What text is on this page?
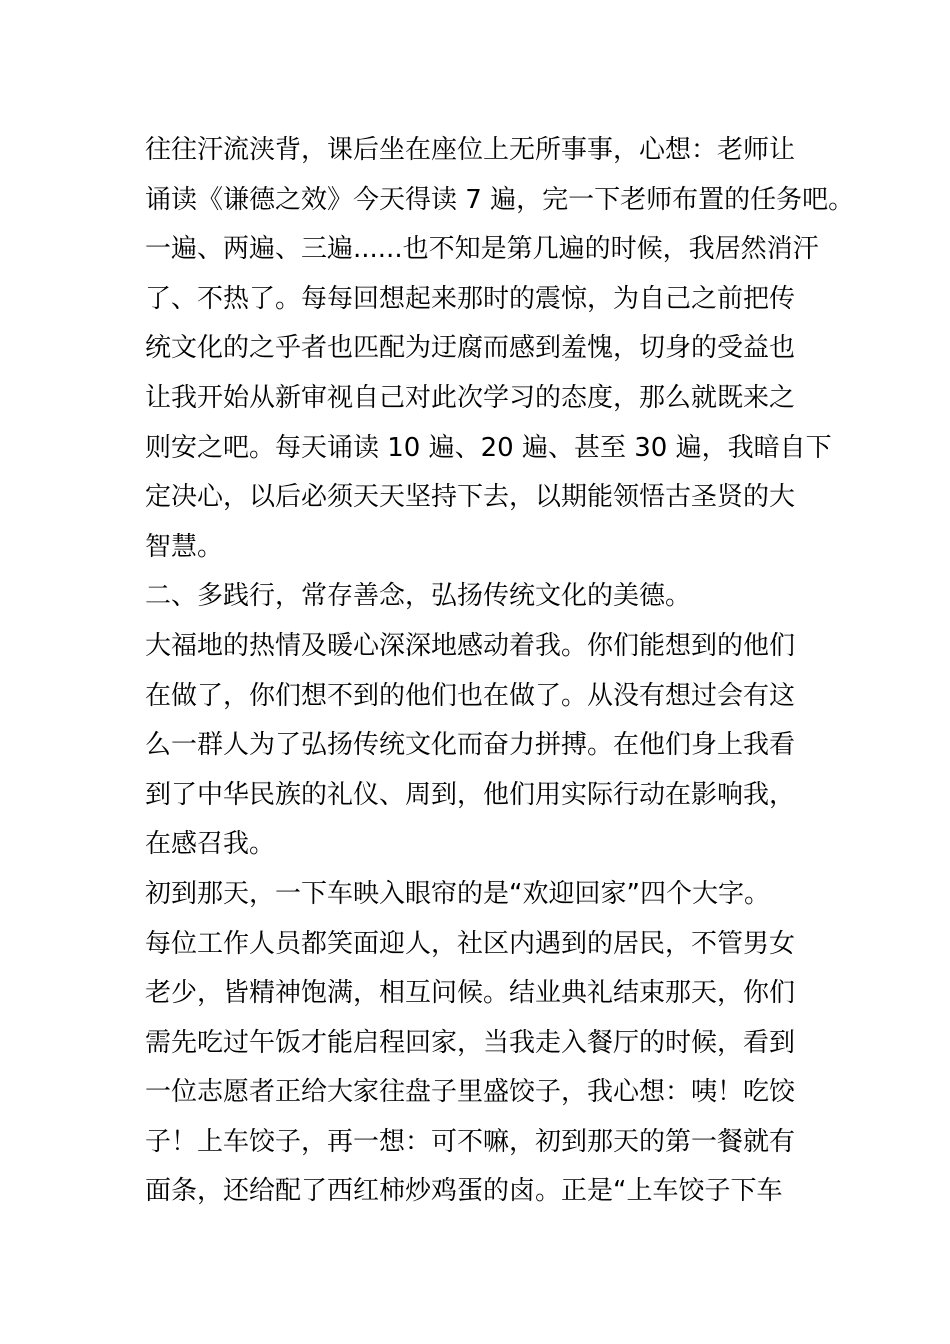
往往汗流浃背，课后坐在座位上无所事事，心想：老师让
诵读《谦德之效》今天得读 7 遍，完一下老师布置的任务吧。
一遍、两遍、三遍......也不知是第几遍的时候，我居然消汗
了、不热了。每每回想起来那时的震惊，为自己之前把传
统文化的之乎者也匹配为迂腐而感到羞愧，切身的受益也
让我开始从新审视自己对此次学习的态度，那么就既来之
则安之吧。每天诵读 10 遍、20 遍、甚至 30 遍，我暗自下
定决心，以后必须天天坚持下去，以期能领悟古圣贤的大
智慧。
二、多践行，常存善念，弘扬传统文化的美德。
大福地的热情及暖心深深地感动着我。你们能想到的他们
在做了，你们想不到的他们也在做了。从没有想过会有这
么一群人为了弘扬传统文化而奋力拼搏。在他们身上我看
到了中华民族的礼仪、周到，他们用实际行动在影响我，
在感召我。
初到那天，一下车映入眼帘的是“欢迎回家”四个大字。
每位工作人员都笑面迎人，社区内遇到的居民，不管男女
老少，皆精神饱满，相互问候。结业典礼结束那天，你们
需先吃过午饭才能启程回家，当我走入餐厅的时候，看到
一位志愿者正给大家往盘子里盛饺子，我心想：咦！吃饺
子！上车饺子，再一想：可不嘛，初到那天的第一餐就有
面条，还给配了西红柿炒鸡蛋的卤。正是“上车饺子下车
